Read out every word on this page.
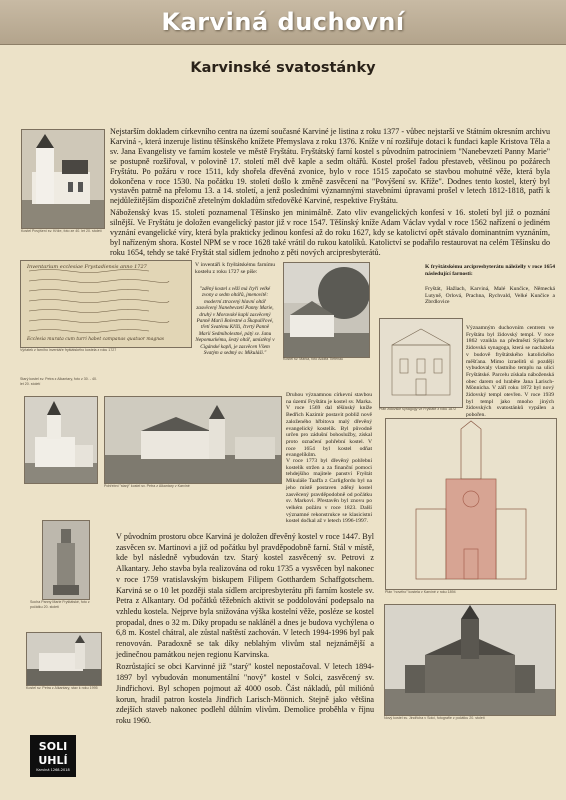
Karviná duchovní
Karvinské svatostánky
Kostel Povýšení sv. Kříže, foto ze 40. let 20. století

Nejstarším dokladem církevního centra na území současné Karviné je listina z roku 1377 - vůbec nejstarší ve Státním okresním archivu Karviná -, která inzeruje listinu těšínského knížete Přemyslava z roku 1376. Kníže v ní rozšiřuje dotaci k fundaci kaple Kristova Těla a sv. Jana Evangelisty ve farním kostele ve městě Fryštátu. Fryštátský farní kostel s původním patrociniem "Nanebevzetí Panny Marie" se postupně rozšiřoval, v polovině 17. století měl dvě kaple a sedm oltářů. Kostel prošel řadou přestaveb, většinou po požárech Fryštátu. Po požáru v roce 1511, kdy shořela dřevěná zvonice, bylo v roce 1515 započato se stavbou mohutné věže, která byla dokončena v roce 1530. Na počátku 19. století došlo k změně zasvěcení na "Povýšení sv. Kříže". Dodnes tento kostel, který byl vystavěn patrně na přelomu 13. a 14. století, a jenž posledními významnými stavebními úpravami prošel v letech 1812-1818, patří k nejdůležitějším dispozičně zřetelným dokladům středověké Karviné, respektive Fryštátu.

Náboženský kvas 15. století poznamenal Těšínsko jen minimálně. Zato vliv evangelických konfesí v 16. století byl již o poznání silnější. Ve Fryštátu je doložen evangelický pastor již v roce 1547. Těšínský kníže Adam Václav vydal v roce 1562 nařízení o jediném vyznání evangelické víry, která byla prakticky jedinou konfesí až do roku 1627, kdy se katolictví opět stávalo dominantním vyznáním, byl nařízeným shora. Kostel NPM se v roce 1628 také vrátil do rukou katolíků. Katolictví se podařilo restaurovat na celém Těšínsku do roku 1654, tehdy se také Fryštát stal sídlem jednoho z pěti nových arcipresbyterátů.

Inventarium ecclesiae Frystadiensis anno 1727
Ecclesia murata cum turri habet campanas quatuor magnas
Výňatek z farního inventáře fryštátského kostela z roku 1727
V inventáři k fryštátskému farnímu kostelu z roku 1727 se píše:
"zděný kostel s věží má čtyři velké zvony a sedm oltářů, jmenovitě: moderní ztracený hlavní oltář zasvěcený Nanebevzetí Panny Marie, druhý v Moravské kapli zasvěcený Panně Marii Bolestné a Škapulířové, třetí Svatému Kříži, čtvrtý Panně Marii Sedmibolestné, pátý sv. Janu Nepomuckému, šestý oltář, umístěný v Cigánské kapli, je zasvěcen Všem Svatým a sedmý sv. Mikuláši."
Kostel sv. Marka, foto Adolfa Tiefenau
K fryštátskému arcipresbyterátu náleželly v roce 1654 následující farnosti:
Fryštát, Hažlach, Karviná, Malé Kunčice, Německá Lutyně, Orlová, Prachna, Rychvald, Velké Kunčice a Zbrdlovice
Plán židovské synagogy ve Fryštátě z roku 1872
Významným duchovním centrem ve Fryštátu byl židovský templ. V roce 1862 vznikla na předměstí Sýlachov židovská synagoga, která se nacházela v budově fryštátského katolického měšťana. Mimo izraelitů si později vybudovaly vlastního templu na ulici Fryštátské. Parcelu získala náboženská obec darem od hraběte Jana Larisch-Mönnicha. V září roku 1872 byl nový židovský templ otevřen. V roce 1939 byl templ jako mnoho jiných židovských svatostánků vypálen a pobořen.
Starý kostel sv. Petra z Alkantary, foto z 30. - 40. let 20. století
Pohřební "starý" kostel sv. Petra z Alkantary v Karviné
Druhou významnou církevní stavbou na území Fryštátu je kostel sv. Marka. V roce 1569 dal těšínský kníže Bedřich Kazimír postavit pobliž nově založeného hřbitova malý dřevěný evangelický kostelík. Byl původně určen pro zádušní bohoslužby, získal proto označení pohřební kostel. V roce 1654 byl kostel odňat evangelíkům.
V roce 1773 byl dřevěný pohřební kostelík stržen a za finanční pomoci tehdejšího majitele panství Fryštát Mikuláše Taaffa z Carligfordu byl na jeho místě postaven zděný kostel zasvěcený pravděpodobně od počátku sv. Markovi. Přestavěn byl znovu po velkém požáru v roce 1823. Další významné rekonstrukce se klasicistní kostel dočkal až v letech 1996-1997.
Plán "nového" kostela v Karviné z roku 1894

V původním prostoru obce Karviná je doložen dřevěný kostel v roce 1447. Byl zasvěcen sv. Martinovi a již od počátku byl pravděpodobně farní. Stál v místě, kde byl následně vybudován tzv. Starý kostel zasvěcený sv. Petrovi z Alkantary. Jeho stavba byla realizována od roku 1735 a vysvěcen byl nakonec v roce 1759 vratislavským biskupem Filipem Gotthardem Schaffgotschem. Karviná se o 10 let později stala sídlem arcipresbyterátu při farním kostele sv. Petra z Alkantary. Od počátků těžebních aktivit se poddolování podepsalo na vzhledu kostela. Nejprve byla snižována výška kostelní věže, posléze se kostel propadal, dnes o 32 m. Díky propadu se naklánël a dnes je budova vychýlena o 6,8 m. Kostel chátral, ale zůstal naštěstí zachován. V letech 1994-1996 byl pak renovován. Paradoxně se tak díky neblahým vlivům stal nejznámější a jedinečnou památkou nejen regionu Karvinska.

Rozrůstající se obci Karvinné již "starý" kostel nepostačoval. V letech 1894-1897 byl vybudován monumentální "nový" kostel v Solci, zasvěcený sv. Jindřichovi. Byl schopen pojmout až 4000 osob. Část nákladů, půl miliónů korun, hradil patron kostela Jindřich Larisch-Mönnich. Stejně jako většina zdejších staveb nakonec podlehl důlním vlivům. Demolice proběhla v říjnu roku 1960.

Socha Panny Marie Fryštátské, foto z počátku 20. století
Kostel sv. Petra z Alkantary, stav k roku 1995
Nový kostel sv. Jindřicha v Solci, fotografie z počátku 20. století
SOLI
UHLÍ
Karviná 1268-2018
